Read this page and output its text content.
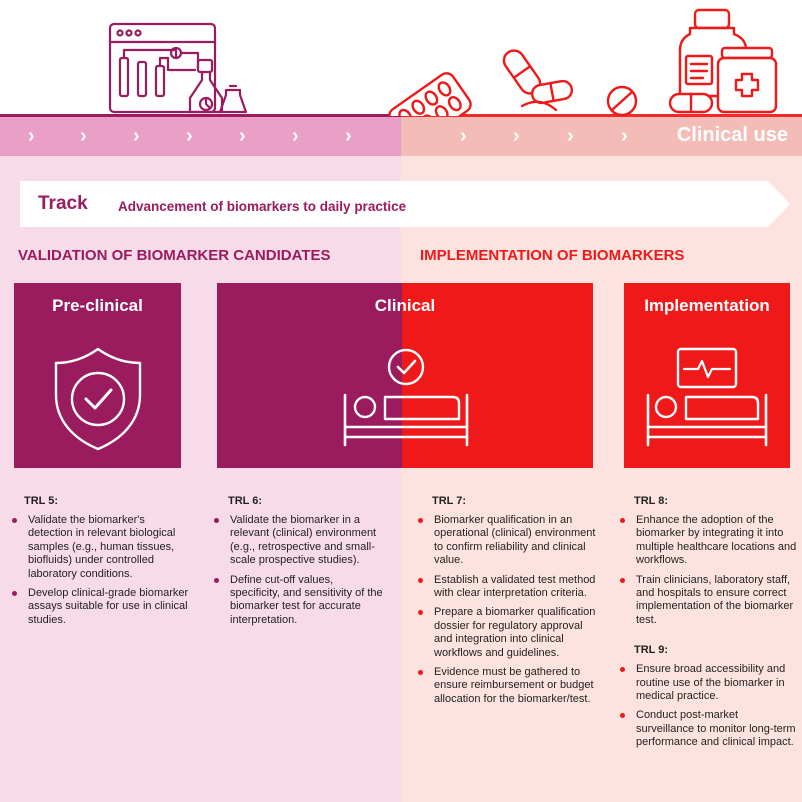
› › › › › › ›	› › › › Clinical use
Track Advancement of biomarkers to daily practice
VALIDATION OF BIOMARKER CANDIDATES	IMPLEMENTATION OF BIOMARKERS
Pre-clinical	Clinical	Implementation
TRL 5:
Validate the biomarker's detection in relevant biological samples (e.g., human tissues, biofluids) under controlled laboratory conditions.
Develop clinical-grade biomarker assays suitable for use in clinical studies.
TRL 6:
Validate the biomarker in a relevant (clinical) environment (e.g., retrospective and small-scale prospective studies).
Define cut-off values, specificity, and sensitivity of the biomarker test for accurate interpretation.
TRL 7:
Biomarker qualification in an operational (clinical) environment to confirm reliability and clinical value.
Establish a validated test method with clear interpretation criteria.
Prepare a biomarker qualification dossier for regulatory approval and integration into clinical workflows and guidelines.
Evidence must be gathered to ensure reimbursement or budget allocation for the biomarker/test.
TRL 8:
Enhance the adoption of the biomarker by integrating it into multiple healthcare locations and workflows.
Train clinicians, laboratory staff, and hospitals to ensure correct implementation of the biomarker test.
TRL 9:
Ensure broad accessibility and routine use of the biomarker in medical practice.
Conduct post-market surveillance to monitor long-term performance and clinical impact.
